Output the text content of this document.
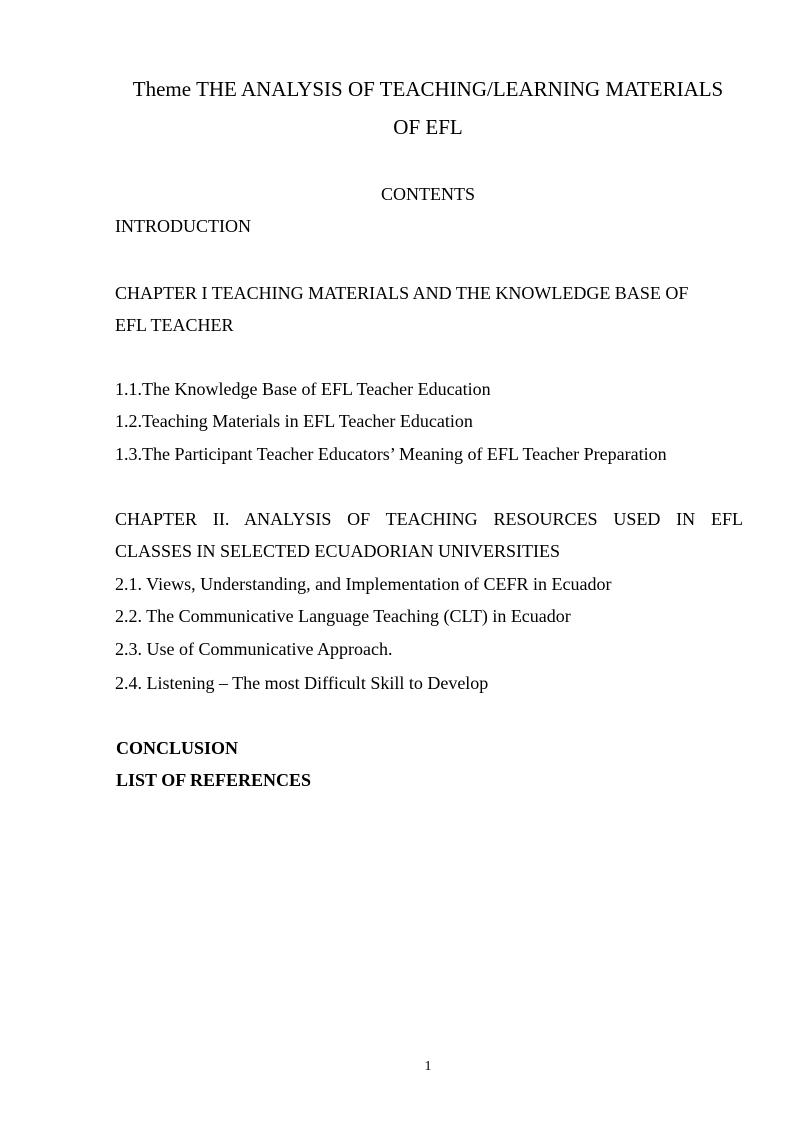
Theme THE ANALYSIS OF TEACHING/LEARNING MATERIALS
OF EFL
CONTENTS
INTRODUCTION
CHAPTER I TEACHING MATERIALS AND THE KNOWLEDGE BASE OF
EFL TEACHER
1.1.The Knowledge Base of EFL Teacher Education
1.2.Teaching Materials in EFL Teacher Education
1.3.The Participant Teacher Educators’ Meaning of EFL Teacher Preparation
CHAPTER II. ANALYSIS OF TEACHING RESOURCES USED IN EFL
CLASSES IN SELECTED ECUADORIAN UNIVERSITIES
2.1. Views, Understanding, and Implementation of CEFR in Ecuador
2.2. The Communicative Language Teaching (CLT) in Ecuador
2.3. Use of Communicative Approach.
2.4. Listening – The most Difficult Skill to Develop
CONCLUSION
LIST OF REFERENCES
1
